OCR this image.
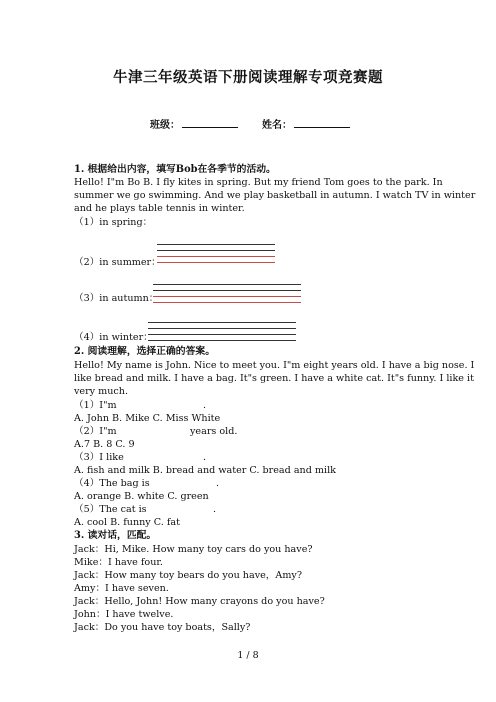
牛津三年级英语下册阅读理解专项竞赛题
班级：	姓名：
1. 根据给出内容，填写Bob在各季节的活动。
Hello! I"m Bo B. I fly kites in spring. But my friend Tom goes to the park. In
summer we go swimming. And we play basketball in autumn. I watch TV in winter
and he plays table tennis in winter.
（1）in spring：
（2）in summer：
（3）in autumn：
（4）in winter：
2. 阅读理解，选择正确的答案。
Hello! My name is John. Nice to meet you. I"m eight years old. I have a big nose. I
like bread and milk. I have a bag. It"s green. I have a white cat. It"s funny. I like it
very much.
（1）I"m	.
A. John B. Mike C. Miss White
（2）I"m	years old.
A.7 B. 8 C. 9
（3）I like	.
A. fish and milk B. bread and water C. bread and milk
（4）The bag is	.
A. orange B. white C. green
（5）The cat is	.
A. cool B. funny C. fat
3. 读对话，匹配。
Jack：Hi, Mike. How many toy cars do you have?
Mike：I have four.
Jack：How many toy bears do you have，Amy?
Amy：I have seven.
Jack：Hello, John! How many crayons do you have?
John：I have twelve.
Jack：Do you have toy boats，Sally?
1 / 8
